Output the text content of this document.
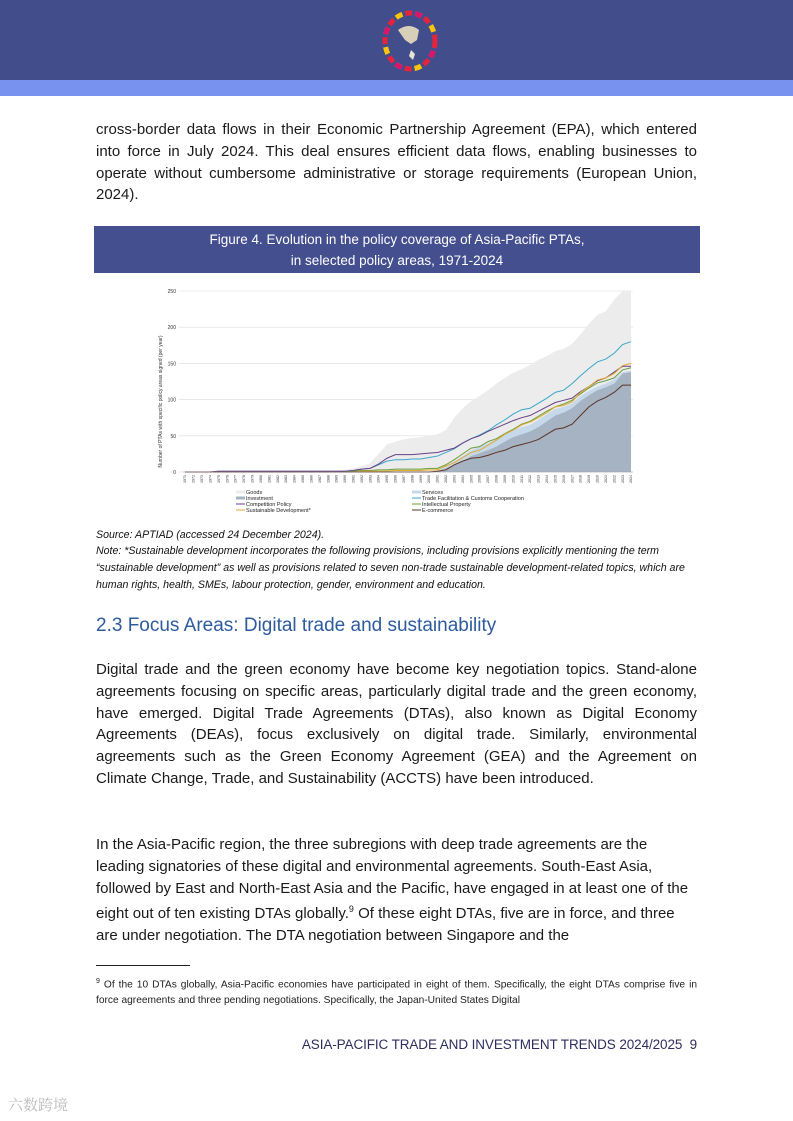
cross-border data flows in their Economic Partnership Agreement (EPA), which entered into force in July 2024. This deal ensures efficient data flows, enabling businesses to operate without cumbersome administrative or storage requirements (European Union, 2024).
Figure 4. Evolution in the policy coverage of Asia-Pacific PTAs,
in selected policy areas, 1971-2024
0
50
100
150
200
250
Number of PTAs with specific policy areas signed (per year)
1971 1972 1973 1974 1975 1976 1977 1978 1979 1980 1981 1982 1983 1984 1985 1986 1987 1988 1989 1990 1991 1992 1993 1994 1995 1996 1997 1998 1999 2000 2001 2002 2003 2004 2005 2006 2007 2008 2009 2010 2011 2012 2013 2014 2015 2016 2017 2018 2019 2020 2021 2022 2023 2024
Goods	Services
Investment	Trade Facilitation & Customs Cooperation
Competition Policy	Intellectual Property
Sustainable Development*	E-commerce
Source: APTIAD (accessed 24 December 2024).
Note: *Sustainable development incorporates the following provisions, including provisions explicitly mentioning the term “sustainable development” as well as provisions related to seven non-trade sustainable development-related topics, which are human rights, health, SMEs, labour protection, gender, environment and education.
2.3 Focus Areas: Digital trade and sustainability
Digital trade and the green economy have become key negotiation topics. Stand-alone agreements focusing on specific areas, particularly digital trade and the green economy, have emerged. Digital Trade Agreements (DTAs), also known as Digital Economy Agreements (DEAs), focus exclusively on digital trade. Similarly, environmental agreements such as the Green Economy Agreement (GEA) and the Agreement on Climate Change, Trade, and Sustainability (ACCTS) have been introduced.
In the Asia-Pacific region, the three subregions with deep trade agreements are the leading signatories of these digital and environmental agreements. South-East Asia, followed by East and North-East Asia and the Pacific, have engaged in at least one of the eight out of ten existing DTAs globally.$^9$ Of these eight DTAs, five are in force, and three are under negotiation. The DTA negotiation between Singapore and the
$^9$ Of the 10 DTAs globally, Asia-Pacific economies have participated in eight of them. Specifically, the eight DTAs comprise five in force agreements and three pending negotiations. Specifically, the Japan-United States Digital
ASIA-PACIFIC TRADE AND INVESTMENT TRENDS 2024/2025 9
六数跨境
